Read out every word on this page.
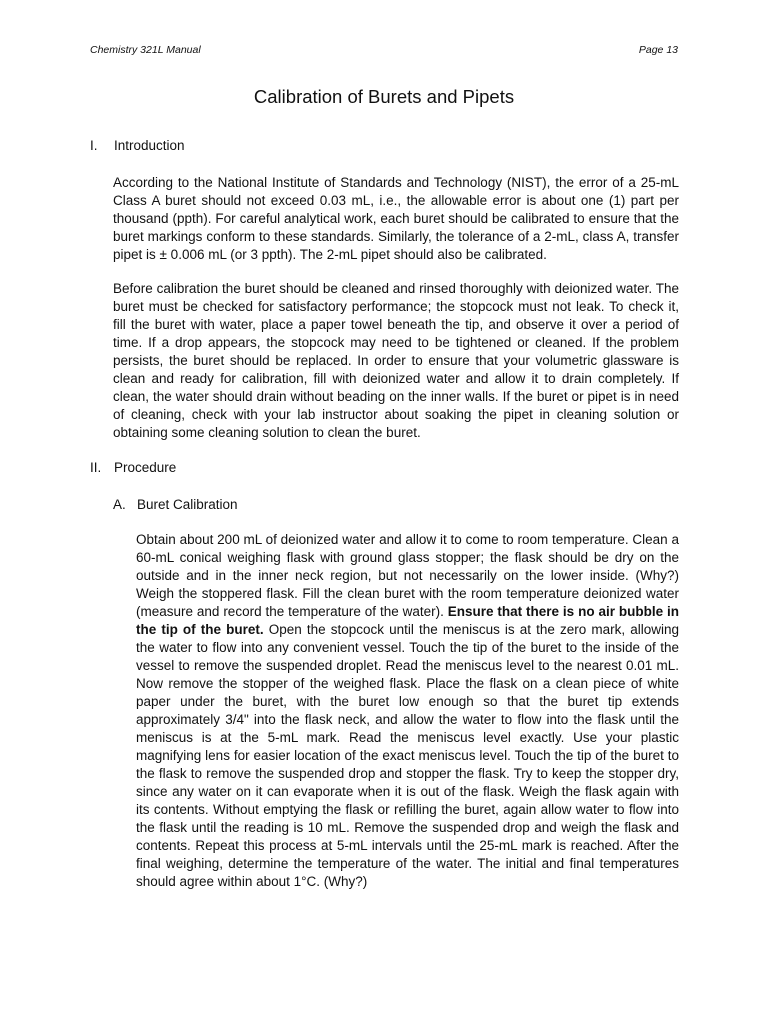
Chemistry 321L Manual	Page 13
Calibration of Burets and Pipets
I. Introduction

According to the National Institute of Standards and Technology (NIST), the error of a 25-mL Class A buret should not exceed 0.03 mL, i.e., the allowable error is about one (1) part per thousand (ppth). For careful analytical work, each buret should be calibrated to ensure that the buret markings conform to these standards. Similarly, the tolerance of a 2-mL, class A, transfer pipet is ± 0.006 mL (or 3 ppth). The 2-mL pipet should also be calibrated.

Before calibration the buret should be cleaned and rinsed thoroughly with deionized water. The buret must be checked for satisfactory performance; the stopcock must not leak. To check it, fill the buret with water, place a paper towel beneath the tip, and observe it over a period of time. If a drop appears, the stopcock may need to be tightened or cleaned. If the problem persists, the buret should be replaced. In order to ensure that your volumetric glassware is clean and ready for calibration, fill with deionized water and allow it to drain completely. If clean, the water should drain without beading on the inner walls. If the buret or pipet is in need of cleaning, check with your lab instructor about soaking the pipet in cleaning solution or obtaining some cleaning solution to clean the buret.

II. Procedure
A. Buret Calibration

Obtain about 200 mL of deionized water and allow it to come to room temperature. Clean a 60-mL conical weighing flask with ground glass stopper; the flask should be dry on the outside and in the inner neck region, but not necessarily on the lower inside. (Why?) Weigh the stoppered flask. Fill the clean buret with the room temperature deionized water (measure and record the temperature of the water). Ensure that there is no air bubble in the tip of the buret. Open the stopcock until the meniscus is at the zero mark, allowing the water to flow into any convenient vessel. Touch the tip of the buret to the inside of the vessel to remove the suspended droplet. Read the meniscus level to the nearest 0.01 mL. Now remove the stopper of the weighed flask. Place the flask on a clean piece of white paper under the buret, with the buret low enough so that the buret tip extends approximately 3/4" into the flask neck, and allow the water to flow into the flask until the meniscus is at the 5-mL mark. Read the meniscus level exactly. Use your plastic magnifying lens for easier location of the exact meniscus level. Touch the tip of the buret to the flask to remove the suspended drop and stopper the flask. Try to keep the stopper dry, since any water on it can evaporate when it is out of the flask. Weigh the flask again with its contents. Without emptying the flask or refilling the buret, again allow water to flow into the flask until the reading is 10 mL. Remove the suspended drop and weigh the flask and contents. Repeat this process at 5-mL intervals until the 25-mL mark is reached. After the final weighing, determine the temperature of the water. The initial and final temperatures should agree within about 1°C. (Why?)
